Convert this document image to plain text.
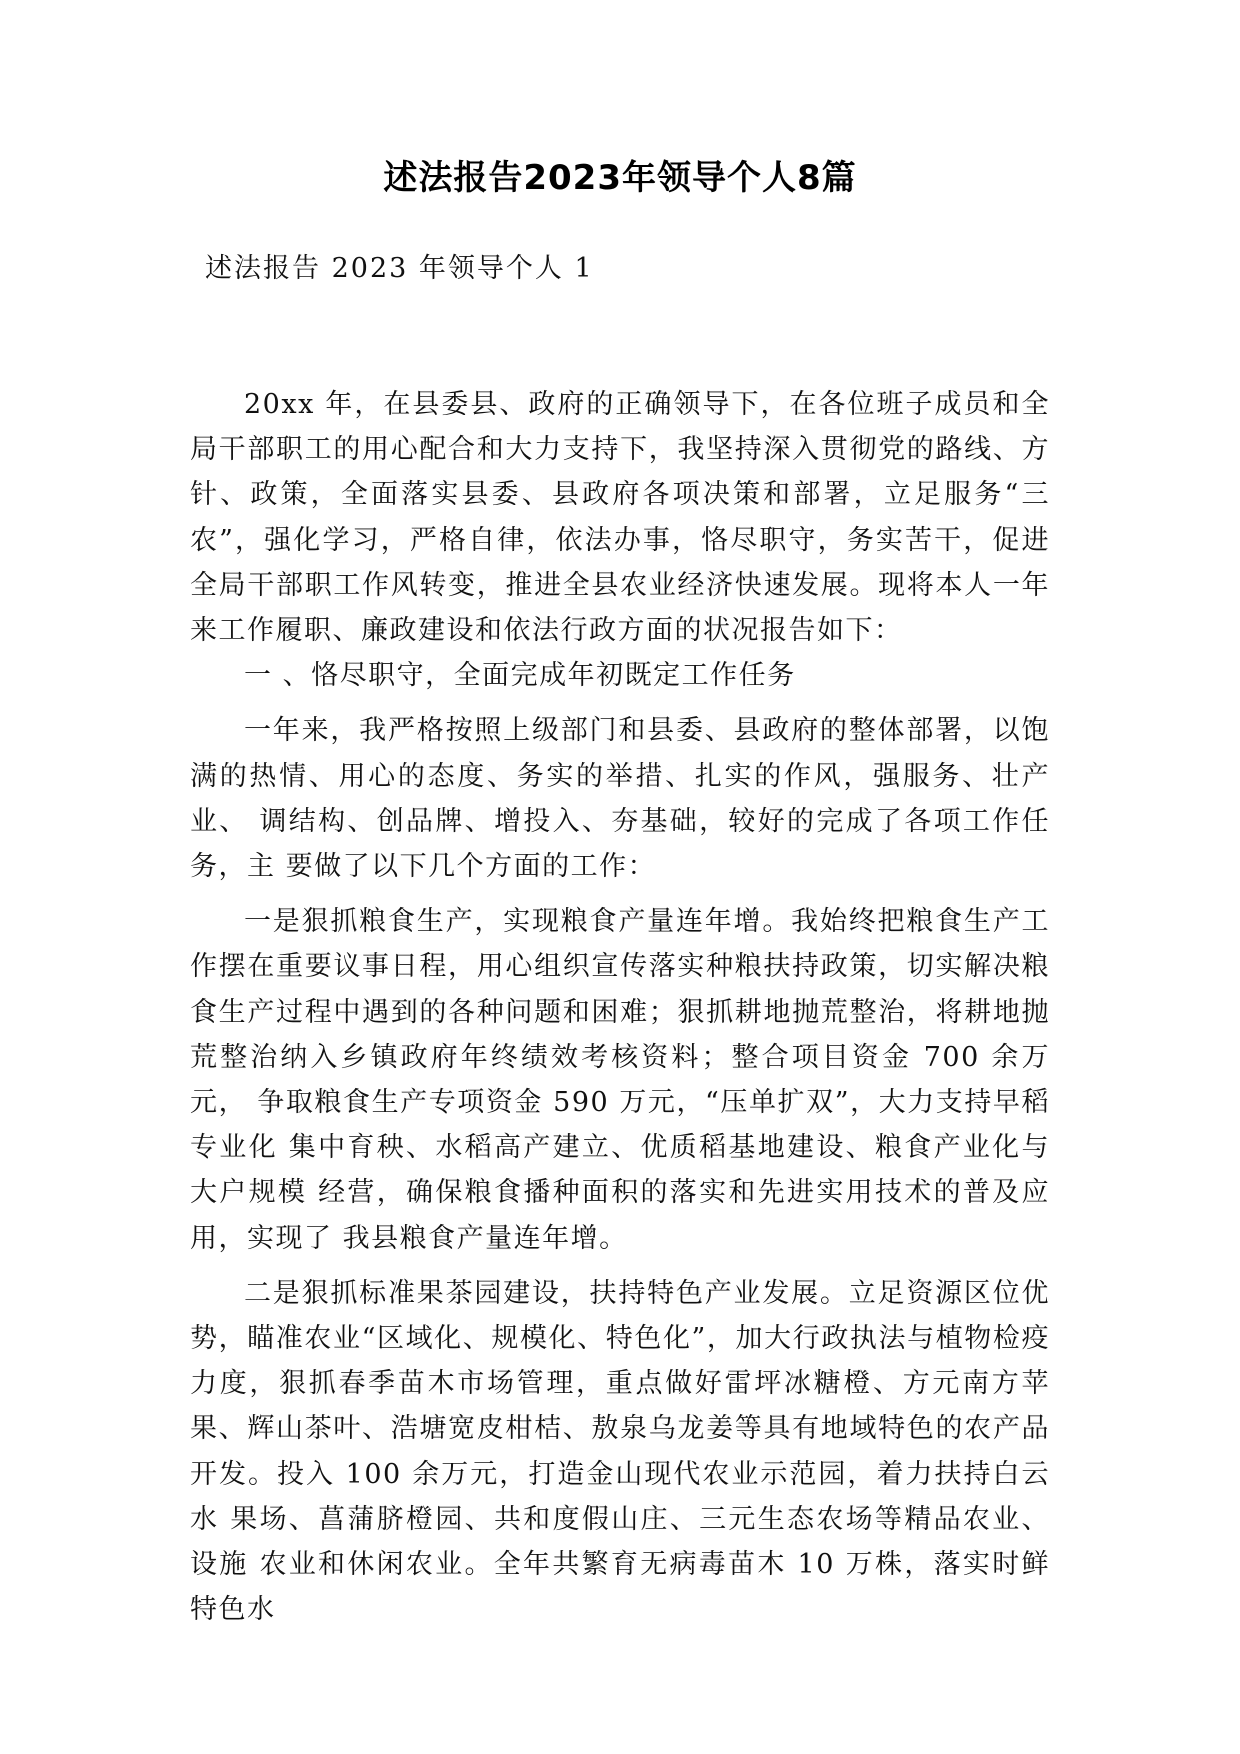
述法报告2023年领导个人8篇
述法报告 2023 年领导个人 1

20xx 年，在县委县、政府的正确领导下，在各位班子成员和全局干部职工的用心配合和大力支持下，我坚持深入贯彻党的路线、方针、政策，全面落实县委、县政府各项决策和部署，立足服务“三农”，强化学习，严格自律，依法办事，恪尽职守，务实苦干，促进全局干部职工作风转变，推进全县农业经济快速发展。现将本人一年来工作履职、廉政建设和依法行政方面的状况报告如下：

一 、恪尽职守，全面完成年初既定工作任务

一年来，我严格按照上级部门和县委、县政府的整体部署，以饱 满的热情、用心的态度、务实的举措、扎实的作风，强服务、壮产业、 调结构、创品牌、增投入、夯基础，较好的完成了各项工作任务，主 要做了以下几个方面的工作：

一是狠抓粮食生产，实现粮食产量连年增。我始终把粮食生产工作摆在重要议事日程，用心组织宣传落实种粮扶持政策，切实解决粮食生产过程中遇到的各种问题和困难；狠抓耕地抛荒整治，将耕地抛荒整治纳入乡镇政府年终绩效考核资料；整合项目资金 700 余万元， 争取粮食生产专项资金 590 万元，“压单扩双”，大力支持早稻专业化 集中育秧、水稻高产建立、优质稻基地建设、粮食产业化与大户规模 经营，确保粮食播种面积的落实和先进实用技术的普及应用，实现了 我县粮食产量连年增。

二是狠抓标准果茶园建设，扶持特色产业发展。立足资源区位优势，瞄准农业“区域化、规模化、特色化”，加大行政执法与植物检疫力度，狠抓春季苗木市场管理，重点做好雷坪冰糖橙、方元南方苹果、辉山茶叶、浩塘宽皮柑桔、敖泉乌龙姜等具有地域特色的农产品 开发。投入 100 余万元，打造金山现代农业示范园，着力扶持白云水 果场、菖蒲脐橙园、共和度假山庄、三元生态农场等精品农业、设施 农业和休闲农业。全年共繁育无病毒苗木 10 万株，落实时鲜特色水
